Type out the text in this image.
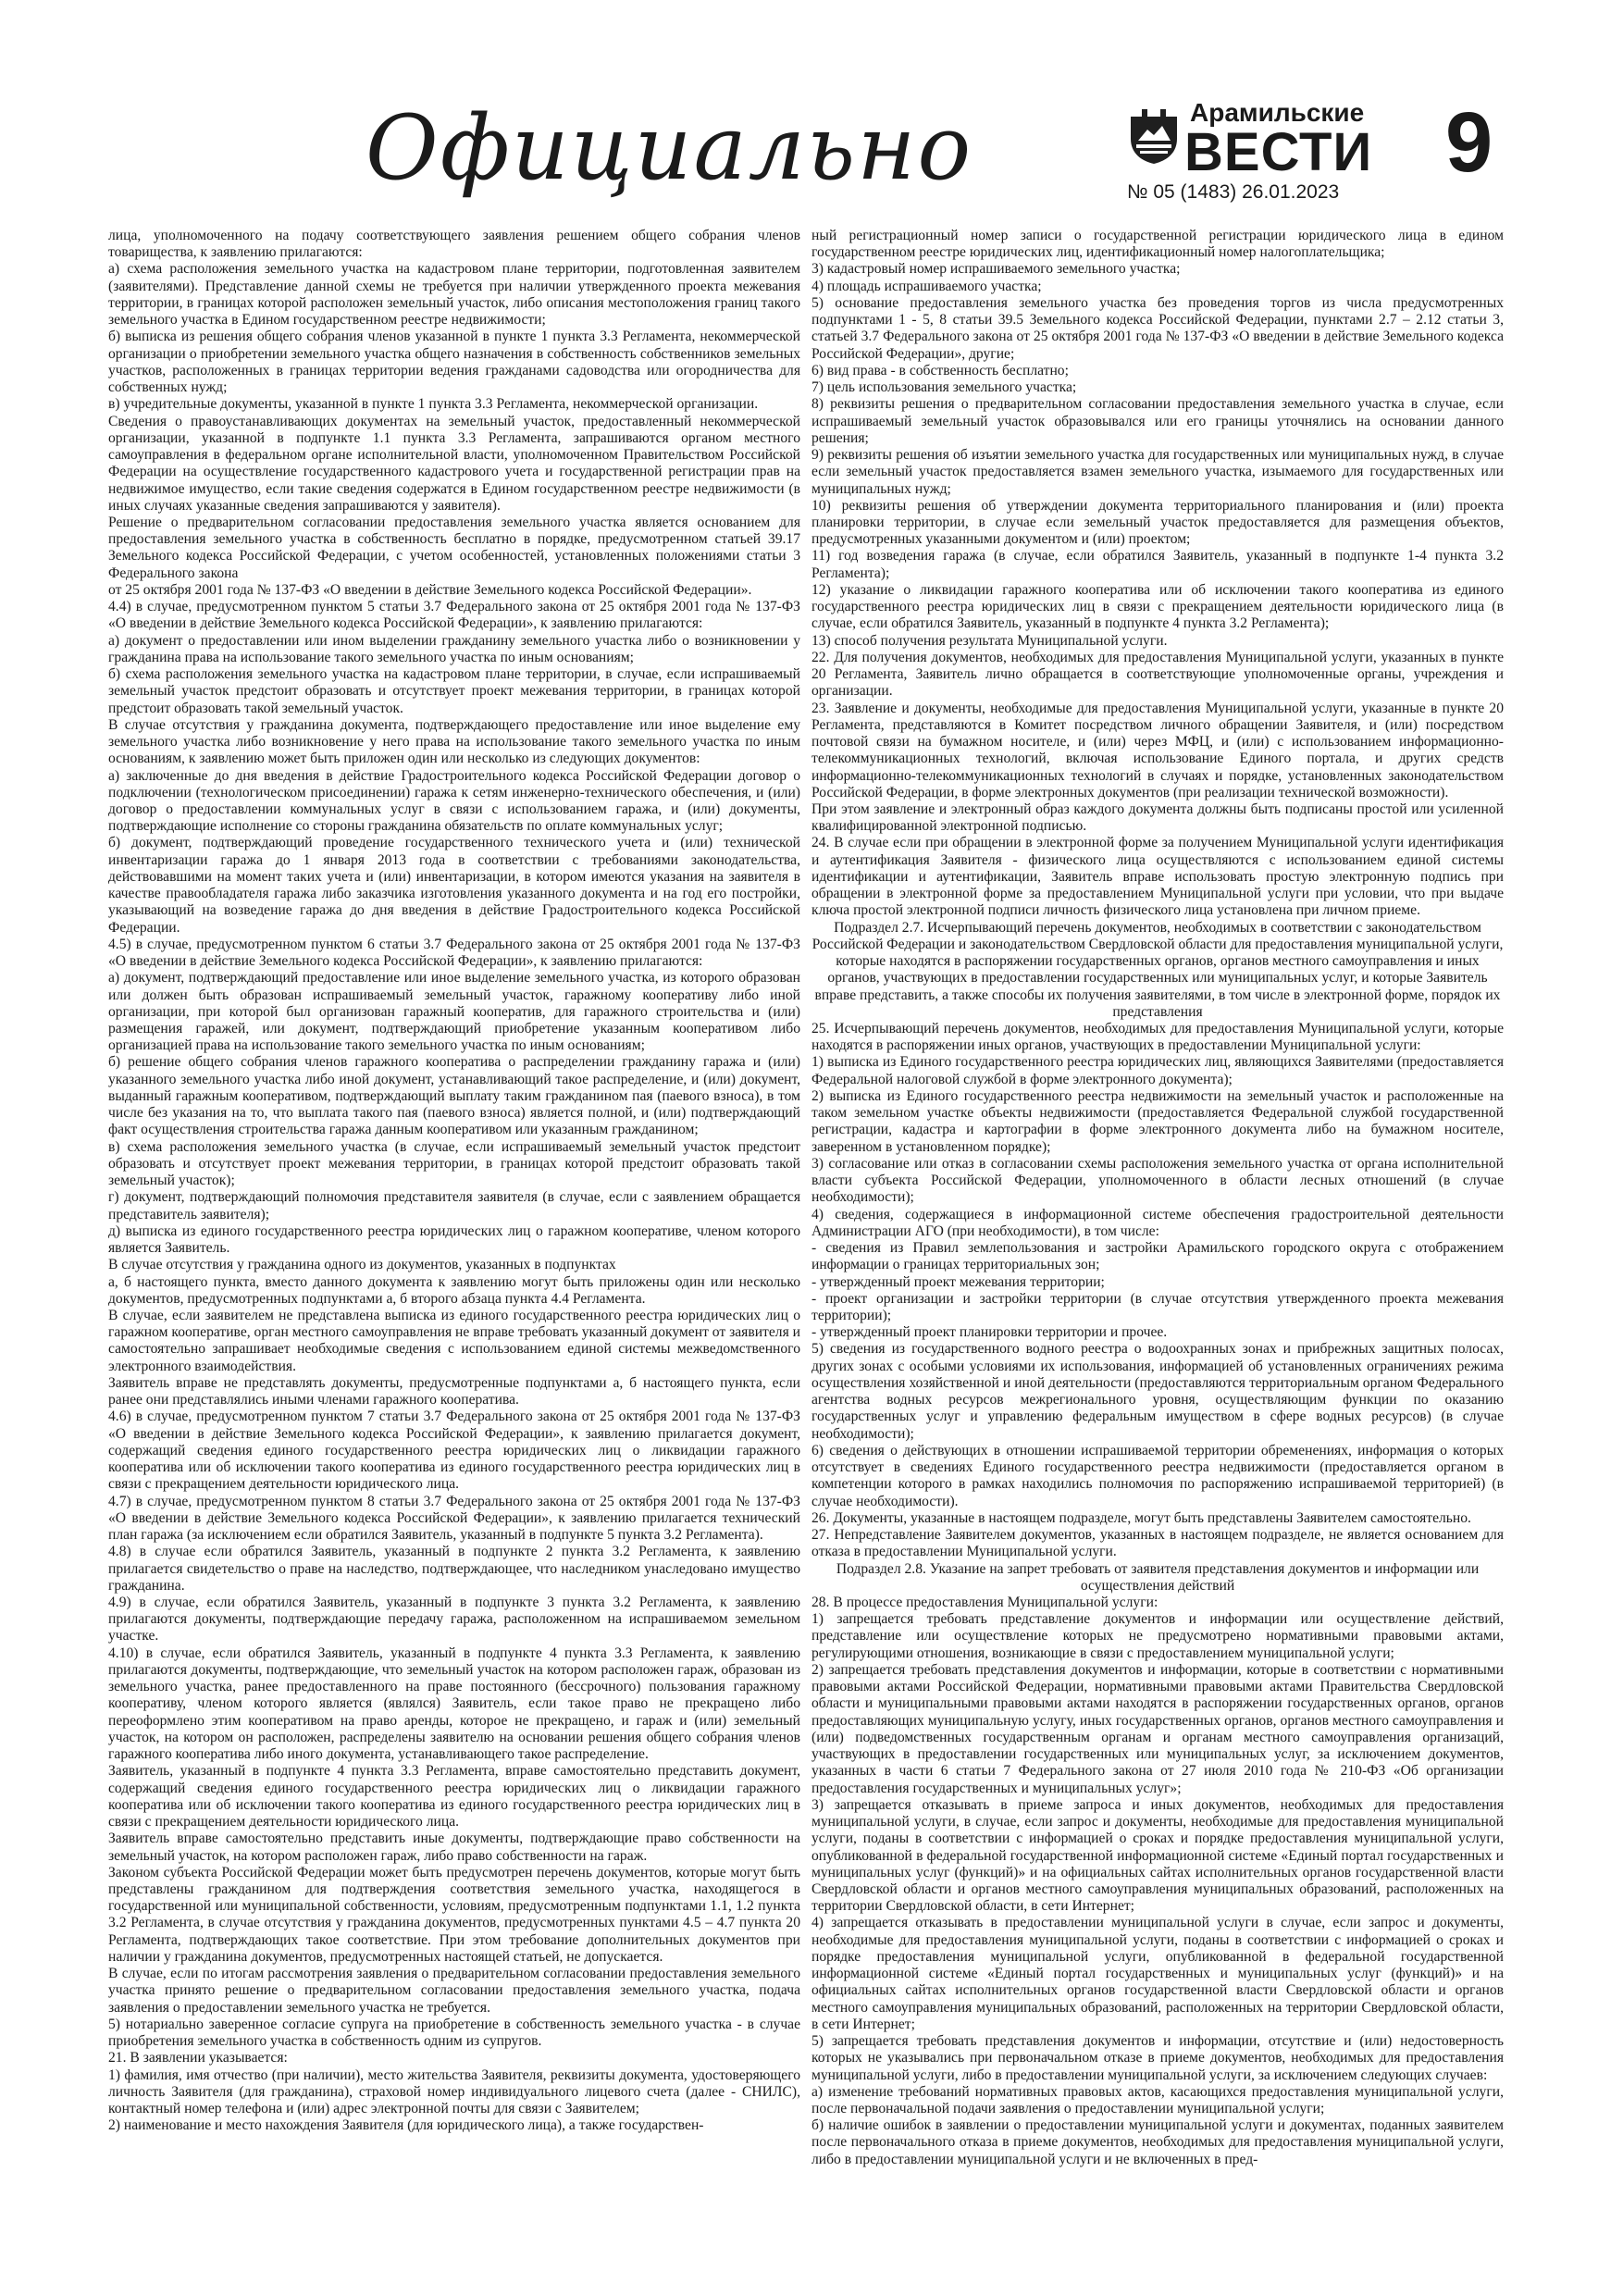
Официально	Арамильские
ВЕСТИ
№ 05 (1483) 26.01.2023
9

лица, уполномоченного на подачу соответствующего заявления решением общего собрания членов товарищества, к заявлению прилагаются:

а) схема расположения земельного участка на кадастровом плане территории, подготовленная заявителем (заявителями). Представление данной схемы не требуется при наличии утвержденного проекта межевания территории, в границах которой расположен земельный участок, либо описания местоположения границ такого земельного участка в Едином государственном реестре недвижимости;

б) выписка из решения общего собрания членов указанной в пункте 1 пункта 3.3 Регламента, некоммерческой организации о приобретении земельного участка общего назначения в собственность собственников земельных участков, расположенных в границах территории ведения гражданами садоводства или огородничества для собственных нужд;

в) учредительные документы, указанной в пункте 1 пункта 3.3 Регламента, некоммерческой организации.

Сведения о правоустанавливающих документах на земельный участок, предоставленный некоммерческой организации, указанной в подпункте 1.1 пункта 3.3 Регламента, запрашиваются органом местного самоуправления в федеральном органе исполнительной власти, уполномоченном Правительством Российской Федерации на осуществление государственного кадастрового учета и государственной регистрации прав на недвижимое имущество, если такие сведения содержатся в Едином государственном реестре недвижимости (в иных случаях указанные сведения запрашиваются у заявителя).

Решение о предварительном согласовании предоставления земельного участка является основанием для предоставления земельного участка в собственность бесплатно в порядке, предусмотренном статьей 39.17 Земельного кодекса Российской Федерации, с учетом особенностей, установленных положениями статьи 3 Федерального закона

от 25 октября 2001 года № 137-ФЗ «О введении в действие Земельного кодекса Российской Федерации».

4.4) в случае, предусмотренном пунктом 5 статьи 3.7 Федерального закона от 25 октября 2001 года № 137-ФЗ «О введении в действие Земельного кодекса Российской Федерации», к заявлению прилагаются:

а) документ о предоставлении или ином выделении гражданину земельного участка либо о возникновении у гражданина права на использование такого земельного участка по иным основаниям;

б) схема расположения земельного участка на кадастровом плане территории, в случае, если испрашиваемый земельный участок предстоит образовать и отсутствует проект межевания территории, в границах которой предстоит образовать такой земельный участок.

В случае отсутствия у гражданина документа, подтверждающего предоставление или иное выделение ему земельного участка либо возникновение у него права на использование такого земельного участка по иным основаниям, к заявлению может быть приложен один или несколько из следующих документов:

а) заключенные до дня введения в действие Градостроительного кодекса Российской Федерации договор о подключении (технологическом присоединении) гаража к сетям инженерно-технического обеспечения, и (или) договор о предоставлении коммунальных услуг в связи с использованием гаража, и (или) документы, подтверждающие исполнение со стороны гражданина обязательств по оплате коммунальных услуг;

б) документ, подтверждающий проведение государственного технического учета и (или) технической инвентаризации гаража до 1 января 2013 года в соответствии с требованиями законодательства, действовавшими на момент таких учета и (или) инвентаризации, в котором имеются указания на заявителя в качестве правообладателя гаража либо заказчика изготовления указанного документа и на год его постройки, указывающий на возведение гаража до дня введения в действие Градостроительного кодекса Российской Федерации.

4.5) в случае, предусмотренном пунктом 6 статьи 3.7 Федерального закона от 25 октября 2001 года № 137-ФЗ «О введении в действие Земельного кодекса Российской Федерации», к заявлению прилагаются:

а) документ, подтверждающий предоставление или иное выделение земельного участка, из которого образован или должен быть образован испрашиваемый земельный участок, гаражному кооперативу либо иной организации, при которой был организован гаражный кооператив, для гаражного строительства и (или) размещения гаражей, или документ, подтверждающий приобретение указанным кооперативом либо организацией права на использование такого земельного участка по иным основаниям;

б) решение общего собрания членов гаражного кооператива о распределении гражданину гаража и (или) указанного земельного участка либо иной документ, устанавливающий такое распределение, и (или) документ, выданный гаражным кооперативом, подтверждающий выплату таким гражданином пая (паевого взноса), в том числе без указания на то, что выплата такого пая (паевого взноса) является полной, и (или) подтверждающий факт осуществления строительства гаража данным кооперативом или указанным гражданином;

в) схема расположения земельного участка (в случае, если испрашиваемый земельный участок предстоит образовать и отсутствует проект межевания территории, в границах которой предстоит образовать такой земельный участок);

г) документ, подтверждающий полномочия представителя заявителя (в случае, если с заявлением обращается представитель заявителя);

д) выписка из единого государственного реестра юридических лиц о гаражном кооперативе, членом которого является Заявитель.

В случае отсутствия у гражданина одного из документов, указанных в подпунктах

а, б настоящего пункта, вместо данного документа к заявлению могут быть приложены один или несколько документов, предусмотренных подпунктами а, б второго абзаца пункта 4.4 Регламента.

В случае, если заявителем не представлена выписка из единого государственного реестра юридических лиц о гаражном кооперативе, орган местного самоуправления не вправе требовать указанный документ от заявителя и самостоятельно запрашивает необходимые сведения с использованием единой системы межведомственного электронного взаимодействия.

Заявитель вправе не представлять документы, предусмотренные подпунктами а, б настоящего пункта, если ранее они представлялись иными членами гаражного кооператива.

4.6) в случае, предусмотренном пунктом 7 статьи 3.7 Федерального закона от 25 октября 2001 года № 137-ФЗ «О введении в действие Земельного кодекса Российской Федерации», к заявлению прилагается документ, содержащий сведения единого государственного реестра юридических лиц о ликвидации гаражного кооператива или об исключении такого кооператива из единого государственного реестра юридических лиц в связи с прекращением деятельности юридического лица.

4.7) в случае, предусмотренном пунктом 8 статьи 3.7 Федерального закона от 25 октября 2001 года № 137-ФЗ «О введении в действие Земельного кодекса Российской Федерации», к заявлению прилагается технический план гаража (за исключением если обратился Заявитель, указанный в подпункте 5 пункта 3.2 Регламента).

4.8) в случае если обратился Заявитель, указанный в подпункте 2 пункта 3.2 Регламента, к заявлению прилагается свидетельство о праве на наследство, подтверждающее, что наследником унаследовано имущество гражданина.

4.9) в случае, если обратился Заявитель, указанный в подпункте 3 пункта 3.2 Регламента, к заявлению прилагаются документы, подтверждающие передачу гаража, расположенном на испрашиваемом земельном участке.

4.10) в случае, если обратился Заявитель, указанный в подпункте 4 пункта 3.3 Регламента, к заявлению прилагаются документы, подтверждающие, что земельный участок на котором расположен гараж, образован из земельного участка, ранее предоставленного на праве постоянного (бессрочного) пользования гаражному кооперативу, членом которого является (являлся) Заявитель, если такое право не прекращено либо переоформлено этим кооперативом на право аренды, которое не прекращено, и гараж и (или) земельный участок, на котором он расположен, распределены заявителю на основании решения общего собрания членов гаражного кооператива либо иного документа, устанавливающего такое распределение.

Заявитель, указанный в подпункте 4 пункта 3.3 Регламента, вправе самостоятельно представить документ, содержащий сведения единого государственного реестра юридических лиц о ликвидации гаражного кооператива или об исключении такого кооператива из единого государственного реестра юридических лиц в связи с прекращением деятельности юридического лица.

Заявитель вправе самостоятельно представить иные документы, подтверждающие право собственности на земельный участок, на котором расположен гараж, либо право собственности на гараж.

Законом субъекта Российской Федерации может быть предусмотрен перечень документов, которые могут быть представлены гражданином для подтверждения соответствия земельного участка, находящегося в государственной или муниципальной собственности, условиям, предусмотренным подпунктами 1.1, 1.2 пункта 3.2 Регламента, в случае отсутствия у гражданина документов, предусмотренных пунктами 4.5 – 4.7 пункта 20 Регламента, подтверждающих такое соответствие. При этом требование дополнительных документов при наличии у гражданина документов, предусмотренных настоящей статьей, не допускается.

В случае, если по итогам рассмотрения заявления о предварительном согласовании предоставления земельного участка принято решение о предварительном согласовании предоставления земельного участка, подача заявления о предоставлении земельного участка не требуется.

5) нотариально заверенное согласие супруга на приобретение в собственность земельного участка - в случае приобретения земельного участка в собственность одним из супругов.

21. В заявлении указывается:

1) фамилия, имя отчество (при наличии), место жительства Заявителя, реквизиты документа, удостоверяющего личность Заявителя (для гражданина), страховой номер индивидуального лицевого счета (далее - СНИЛС), контактный номер телефона и (или) адрес электронной почты для связи с Заявителем;

2) наименование и место нахождения Заявителя (для юридического лица), а также государствен-

ный регистрационный номер записи о государственной регистрации юридического лица в едином государственном реестре юридических лиц, идентификационный номер налогоплательщика;

3) кадастровый номер испрашиваемого земельного участка;

4) площадь испрашиваемого участка;

5) основание предоставления земельного участка без проведения торгов из числа предусмотренных подпунктами 1 - 5, 8 статьи 39.5 Земельного кодекса Российской Федерации, пунктами 2.7 – 2.12 статьи 3, статьей 3.7 Федерального закона от 25 октября 2001 года № 137-ФЗ «О введении в действие Земельного кодекса Российской Федерации», другие;

6) вид права - в собственность бесплатно;

7) цель использования земельного участка;

8) реквизиты решения о предварительном согласовании предоставления земельного участка в случае, если испрашиваемый земельный участок образовывался или его границы уточнялись на основании данного решения;

9) реквизиты решения об изъятии земельного участка для государственных или муниципальных нужд, в случае если земельный участок предоставляется взамен земельного участка, изымаемого для государственных или муниципальных нужд;

10) реквизиты решения об утверждении документа территориального планирования и (или) проекта планировки территории, в случае если земельный участок предоставляется для размещения объектов, предусмотренных указанными документом и (или) проектом;

11) год возведения гаража (в случае, если обратился Заявитель, указанный в подпункте 1-4 пункта 3.2 Регламента);

12) указание о ликвидации гаражного кооператива или об исключении такого кооператива из единого государственного реестра юридических лиц в связи с прекращением деятельности юридического лица (в случае, если обратился Заявитель, указанный в подпункте 4 пункта 3.2 Регламента);

13) способ получения результата Муниципальной услуги.

22. Для получения документов, необходимых для предоставления Муниципальной услуги, указанных в пункте 20 Регламента, Заявитель лично обращается в соответствующие уполномоченные органы, учреждения и организации.

23. Заявление и документы, необходимые для предоставления Муниципальной услуги, указанные в пункте 20 Регламента, представляются в Комитет посредством личного обращении Заявителя, и (или) посредством почтовой связи на бумажном носителе, и (или) через МФЦ, и (или) с использованием информационно-телекоммуникационных технологий, включая использование Единого портала, и других средств информационно-телекоммуникационных технологий в случаях и порядке, установленных законодательством Российской Федерации, в форме электронных документов (при реализации технической возможности).

При этом заявление и электронный образ каждого документа должны быть подписаны простой или усиленной квалифицированной электронной подписью.

24. В случае если при обращении в электронной форме за получением Муниципальной услуги идентификация и аутентификация Заявителя - физического лица осуществляются с использованием единой системы идентификации и аутентификации, Заявитель вправе использовать простую электронную подпись при обращении в электронной форме за предоставлением Муниципальной услуги при условии, что при выдаче ключа простой электронной подписи личность физического лица установлена при личном приеме.

Подраздел 2.7. Исчерпывающий перечень документов, необходимых в соответствии с законодательством Российской Федерации и законодательством Свердловской области для предоставления муниципальной услуги, которые находятся в распоряжении государственных органов, органов местного самоуправления и иных органов, участвующих в предоставлении государственных или муниципальных услуг, и которые Заявитель вправе представить, а также способы их получения заявителями, в том числе в электронной форме, порядок их представления

25. Исчерпывающий перечень документов, необходимых для предоставления Муниципальной услуги, которые находятся в распоряжении иных органов, участвующих в предоставлении Муниципальной услуги:

1) выписка из Единого государственного реестра юридических лиц, являющихся Заявителями (предоставляется Федеральной налоговой службой в форме электронного документа);

2) выписка из Единого государственного реестра недвижимости на земельный участок и расположенные на таком земельном участке объекты недвижимости (предоставляется Федеральной службой государственной регистрации, кадастра и картографии в форме электронного документа либо на бумажном носителе, заверенном в установленном порядке);

3) согласование или отказ в согласовании схемы расположения земельного участка от органа исполнительной власти субъекта Российской Федерации, уполномоченного в области лесных отношений (в случае необходимости);

4) сведения, содержащиеся в информационной системе обеспечения градостроительной деятельности Администрации АГО (при необходимости), в том числе:

- сведения из Правил землепользования и застройки Арамильского городского округа с отображением информации о границах территориальных зон;

- утвержденный проект межевания территории;

- проект организации и застройки территории (в случае отсутствия утвержденного проекта межевания территории);

- утвержденный проект планировки территории и прочее.

5) сведения из государственного водного реестра о водоохранных зонах и прибрежных защитных полосах, других зонах с особыми условиями их использования, информацией об установленных ограничениях режима осуществления хозяйственной и иной деятельности (предоставляются территориальным органом Федерального агентства водных ресурсов межрегионального уровня, осуществляющим функции по оказанию государственных услуг и управлению федеральным имуществом в сфере водных ресурсов) (в случае необходимости);

6) сведения о действующих в отношении испрашиваемой территории обременениях, информация о которых отсутствует в сведениях Единого государственного реестра недвижимости (предоставляется органом в компетенции которого в рамках находились полномочия по распоряжению испрашиваемой территорией) (в случае необходимости).

26. Документы, указанные в настоящем подразделе, могут быть представлены Заявителем самостоятельно.

27. Непредставление Заявителем документов, указанных в настоящем подразделе, не является основанием для отказа в предоставлении Муниципальной услуги.

Подраздел 2.8. Указание на запрет требовать от заявителя представления документов и информации или осуществления действий

28. В процессе предоставления Муниципальной услуги:

1) запрещается требовать представление документов и информации или осуществление действий, представление или осуществление которых не предусмотрено нормативными правовыми актами, регулирующими отношения, возникающие в связи с предоставлением муниципальной услуги;

2) запрещается требовать представления документов и информации, которые в соответствии с нормативными правовыми актами Российской Федерации, нормативными правовыми актами Правительства Свердловской области и муниципальными правовыми актами находятся в распоряжении государственных органов, органов предоставляющих муниципальную услугу, иных государственных органов, органов местного самоуправления и (или) подведомственных государственным органам и органам местного самоуправления организаций, участвующих в предоставлении государственных или муниципальных услуг, за исключением документов, указанных в части 6 статьи 7 Федерального закона от 27 июля 2010 года № 210-ФЗ «Об организации предоставления государственных и муниципальных услуг»;

3) запрещается отказывать в приеме запроса и иных документов, необходимых для предоставления муниципальной услуги, в случае, если запрос и документы, необходимые для предоставления муниципальной услуги, поданы в соответствии с информацией о сроках и порядке предоставления муниципальной услуги, опубликованной в федеральной государственной информационной системе «Единый портал государственных и муниципальных услуг (функций)» и на официальных сайтах исполнительных органов государственной власти Свердловской области и органов местного самоуправления муниципальных образований, расположенных на территории Свердловской области, в сети Интернет;

4) запрещается отказывать в предоставлении муниципальной услуги в случае, если запрос и документы, необходимые для предоставления муниципальной услуги, поданы в соответствии с информацией о сроках и порядке предоставления муниципальной услуги, опубликованной в федеральной государственной информационной системе «Единый портал государственных и муниципальных услуг (функций)» и на официальных сайтах исполнительных органов государственной власти Свердловской области и органов местного самоуправления муниципальных образований, расположенных на территории Свердловской области, в сети Интернет;

5) запрещается требовать представления документов и информации, отсутствие и (или) недостоверность которых не указывались при первоначальном отказе в приеме документов, необходимых для предоставления муниципальной услуги, либо в предоставлении муниципальной услуги, за исключением следующих случаев:

а) изменение требований нормативных правовых актов, касающихся предоставления муниципальной услуги, после первоначальной подачи заявления о предоставлении муниципальной услуги;

б) наличие ошибок в заявлении о предоставлении муниципальной услуги и документах, поданных заявителем после первоначального отказа в приеме документов, необходимых для предоставления муниципальной услуги, либо в предоставлении муниципальной услуги и не включенных в пред-
